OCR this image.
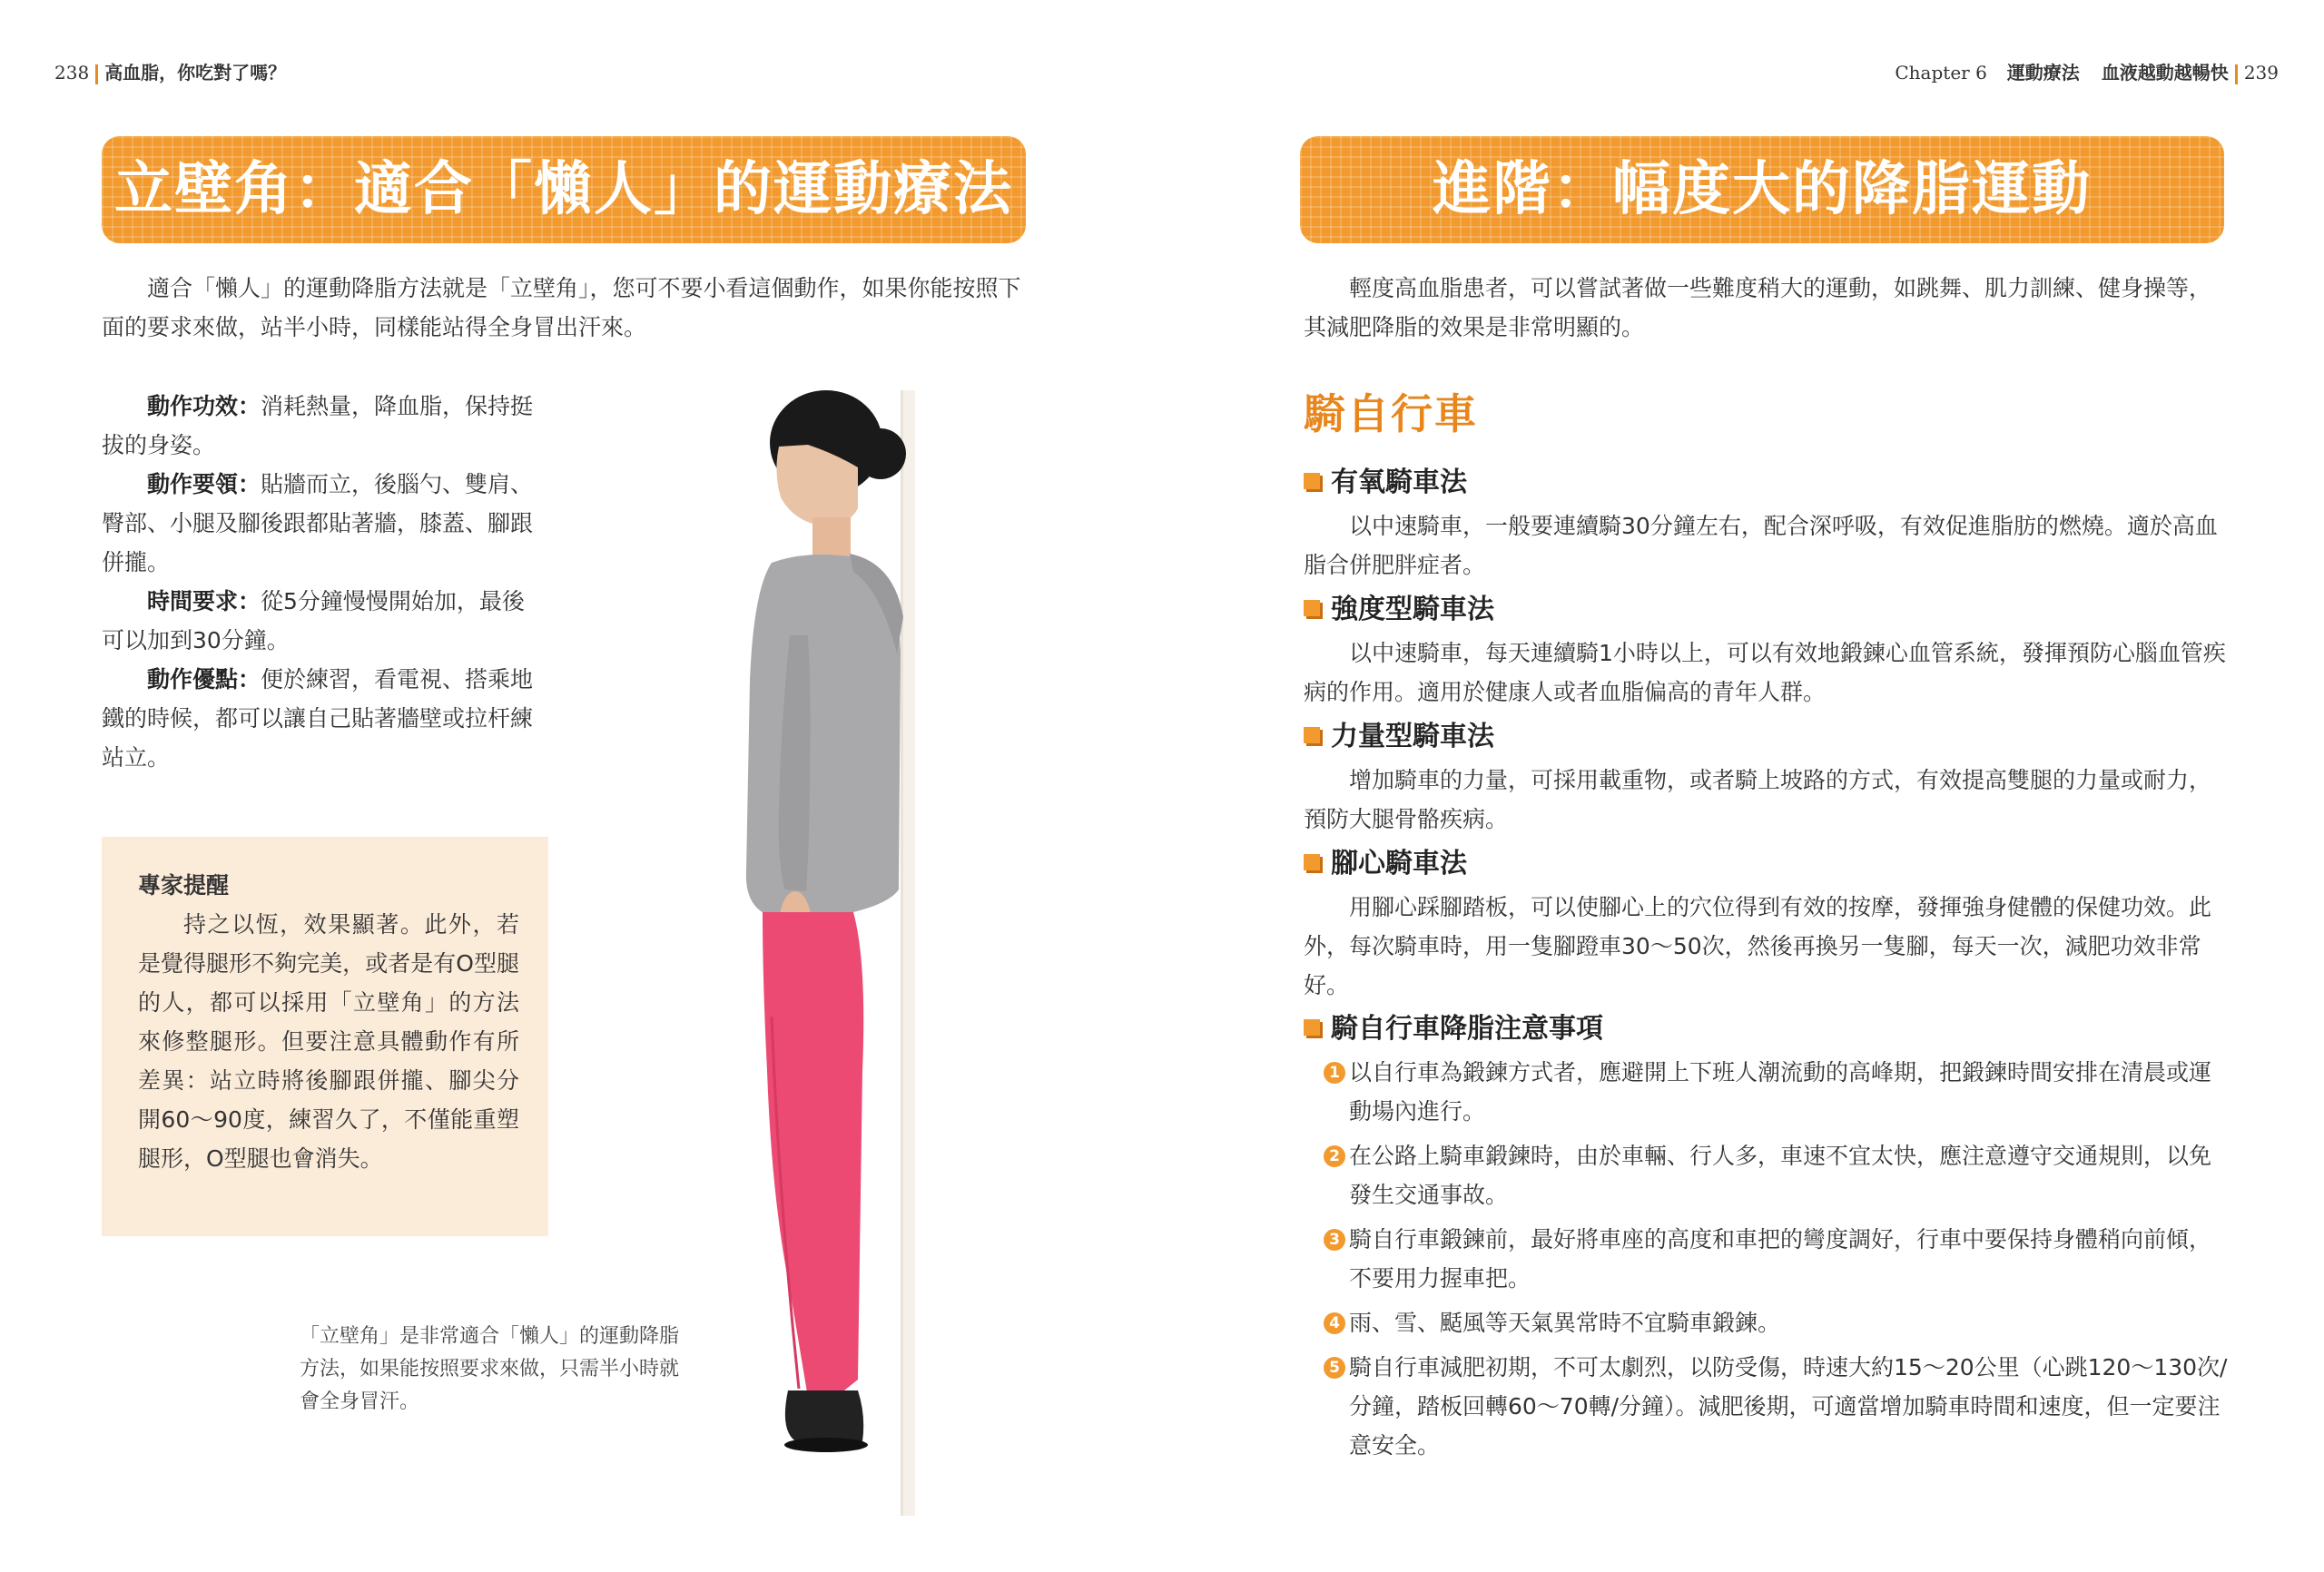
238 高血脂，你吃對了嗎？
立壁角：適合「懶人」的運動療法
適合「懶人」的運動降脂方法就是「立壁角」，您可不要小看這個動作，如果你能按照下面的要求來做，站半小時，同樣能站得全身冒出汗來。

動作功效：消耗熱量，降血脂，保持挺拔的身姿。

動作要領：貼牆而立，後腦勺、雙肩、臀部、小腿及腳後跟都貼著牆，膝蓋、腳跟併攏。

時間要求：從5分鐘慢慢開始加，最後可以加到30分鐘。

動作優點：便於練習，看電視、搭乘地鐵的時候，都可以讓自己貼著牆壁或拉杆練站立。

專家提醒

持之以恆，效果顯著。此外，若是覺得腿形不夠完美，或者是有O型腿的人，都可以採用「立壁角」的方法來修整腿形。但要注意具體動作有所差異：站立時將後腳跟併攏、腳尖分開60～90度，練習久了，不僅能重塑腿形，O型腿也會消失。

「立壁角」是非常適合「懶人」的運動降脂方法，如果能按照要求來做，只需半小時就會全身冒汗。
Chapter 6 運動療法 血液越動越暢快 239
進階：幅度大的降脂運動
輕度高血脂患者，可以嘗試著做一些難度稍大的運動，如跳舞、肌力訓練、健身操等，其減肥降脂的效果是非常明顯的。
騎自行車
有氧騎車法

以中速騎車，一般要連續騎30分鐘左右，配合深呼吸，有效促進脂肪的燃燒。適於高血脂合併肥胖症者。

強度型騎車法

以中速騎車，每天連續騎1小時以上，可以有效地鍛鍊心血管系統，發揮預防心腦血管疾病的作用。適用於健康人或者血脂偏高的青年人群。

力量型騎車法

增加騎車的力量，可採用載重物，或者騎上坡路的方式，有效提高雙腿的力量或耐力，預防大腿骨骼疾病。

腳心騎車法

用腳心踩腳踏板，可以使腳心上的穴位得到有效的按摩，發揮強身健體的保健功效。此外，每次騎車時，用一隻腳蹬車30～50次，然後再換另一隻腳，每天一次，減肥功效非常好。

騎自行車降脂注意事項
1 以自行車為鍛鍊方式者，應避開上下班人潮流動的高峰期，把鍛鍊時間安排在清晨或運動場內進行。
2 在公路上騎車鍛鍊時，由於車輛、行人多，車速不宜太快，應注意遵守交通規則，以免發生交通事故。
3 騎自行車鍛鍊前，最好將車座的高度和車把的彎度調好，行車中要保持身體稍向前傾，不要用力握車把。
4 雨、雪、颳風等天氣異常時不宜騎車鍛鍊。
5 騎自行車減肥初期，不可太劇烈，以防受傷，時速大約15～20公里（心跳120～130次/分鐘，踏板回轉60～70轉/分鐘）。減肥後期，可適當增加騎車時間和速度，但一定要注意安全。
